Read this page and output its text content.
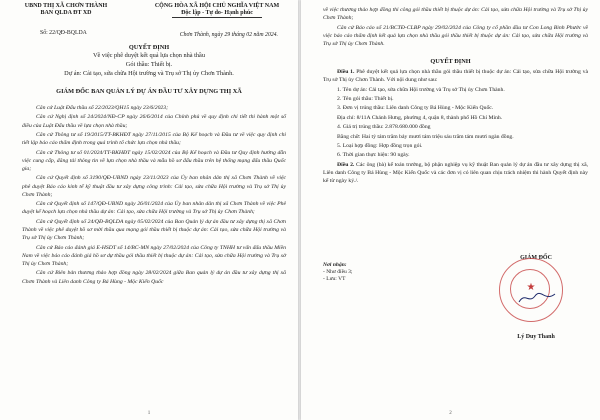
UBND THỊ XÃ CHƠN THÀNH
BAN QLDA ĐT XD
CỘNG HÒA XÃ HỘI CHỦ NGHĨA VIỆT NAM
Độc lập - Tự do- Hạnh phúc
Số: 22/QĐ-BQLDA	Chơn Thành, ngày 29 tháng 02 năm 2024.
QUYẾT ĐỊNH
Về việc phê duyệt kết quả lựa chọn nhà thầu
Gói thầu: Thiết bị.
Dự án: Cải tạo, sửa chữa Hội trường và Trụ sở Thị ủy Chơn Thành.
GIÁM ĐỐC BAN QUẢN LÝ DỰ ÁN ĐẦU TƯ XÂY DỰNG THỊ XÃ

Căn cứ Luật Đấu thầu số 22/2023/QH15 ngày 23/6/2023;

Căn cứ Nghị định số 24/2024/NĐ-CP ngày 26/6/2014 của Chính phủ về quy định chi tiết thi hành một số điều của Luật Đấu thầu về lựa chọn nhà thầu;

Căn cứ Thông tư số 19/2015/TT-BKHĐT ngày 27/11/2015 của Bộ Kế hoạch và Đầu tư về việc quy định chi tiết lập báo cáo thẩm định trong quá trình tổ chức lựa chọn nhà thầu;

Căn cứ Thông tư số 01/2024/TT-BKHĐT ngày 15/02/2024 của Bộ Kế hoạch và Đầu tư Quy định hướng dẫn việc cung cấp, đăng tải thông tin về lựa chọn nhà thầu và mẫu hồ sơ đấu thầu trên hệ thống mạng đấu thầu Quốc gia;

Căn cứ Quyết định số 3190/QĐ-UBND ngày 23/11/2023 của Ủy ban nhân dân thị xã Chơn Thành về việc phê duyệt Báo cáo kinh tế kỹ thuật đầu tư xây dựng công trình: Cải tạo, sửa chữa Hội trường và Trụ sở Thị ủy Chơn Thành;

Căn cứ Quyết định số 147/QĐ-UBND ngày 26/01/2024 của Ủy ban nhân dân thị xã Chơn Thành về việc Phê duyệt kế hoạch lựa chọn nhà thầu dự án: Cải tạo, sửa chữa Hội trường và Trụ sở Thị ủy Chơn Thành;

Căn cứ Quyết định số 24/QĐ-BQLDA ngày 05/02/2024 của Ban Quản lý dự án đầu tư xây dựng thị xã Chơn Thành về việc phê duyệt hồ sơ mời thầu qua mạng gói thầu thiết bị thuộc dự án: Cải tạo, sửa chữa Hội trường và Trụ sở Thị ủy Chơn Thành;

Căn cứ Báo cáo đánh giá E-HSDT số 14/BC-MN ngày 27/02/2024 của Công ty TNHH tư vấn đấu thầu Miền Nam về việc báo cáo đánh giá hồ sơ dự thầu gói thầu thiết bị thuộc dự án: Cải tạo, sửa chữa Hội trường và Trụ sở Thị ủy Chơn Thành;

Căn cứ Biên bản thương thảo hợp đồng ngày 28/02/2024 giữa Ban quản lý dự án đầu tư xây dựng thị xã Chơn Thành và Liên danh Công ty Bá Hùng - Mộc Kiến Quốc

1

về việc thương thảo hợp đồng thi công gói thầu thiết bị thuộc dự án: Cải tạo, sửa chữa Hội trường và Trụ sở Thị ủy Chơn Thành;

Căn cứ Báo cáo số 21/BCTĐ-CLBP ngày 29/02/2024 của Công ty cổ phần đầu tư Con Long Bình Phước về việc báo cáo thẩm định kết quả lựa chọn nhà thầu gói thầu thiết bị thuộc dự án: Cải tạo, sửa chữa Hội trường và Trụ sở Thị ủy Chơn Thành.

QUYẾT ĐỊNH

Điều 1. Phê duyệt kết quả lựa chọn nhà thầu gói thầu thiết bị thuộc dự án: Cải tạo, sửa chữa Hội trường và Trụ sở Thị ủy Chơn Thành. Với nội dung như sau:

1. Tên dự án: Cải tạo, sửa chữa Hội trường và Trụ sở Thị ủy Chơn Thành.

2. Tên gói thầu: Thiết bị.

3. Đơn vị trúng thầu: Liên danh Công ty Bá Hùng - Mộc Kiến Quốc.

Địa chỉ: 8/11A Chánh Hưng, phường 4, quận 8, thành phố Hồ Chí Minh.

4. Giá trị trúng thầu: 2.878.680.000 đồng

Bằng chữ: Hai tỷ tám trăm bảy mươi tám triệu sáu trăm tám mươi ngàn đồng.

5. Loại hợp đồng: Hợp đồng trọn gói.

6. Thời gian thực hiện: 90 ngày.

Điều 2. Các ông (bà) kế toán trưởng, bộ phận nghiệp vụ kỹ thuật Ban quản lý dự án đầu tư xây dựng thị xã, Liên danh Công ty Bá Hùng - Mộc Kiến Quốc và các đơn vị có liên quan chịu trách nhiệm thi hành Quyết định này kể từ ngày ký./.

Nơi nhận:
- Như điều 3;
- Lưu: VT
GIÁM ĐỐC
★
Lý Duy Thanh
2
